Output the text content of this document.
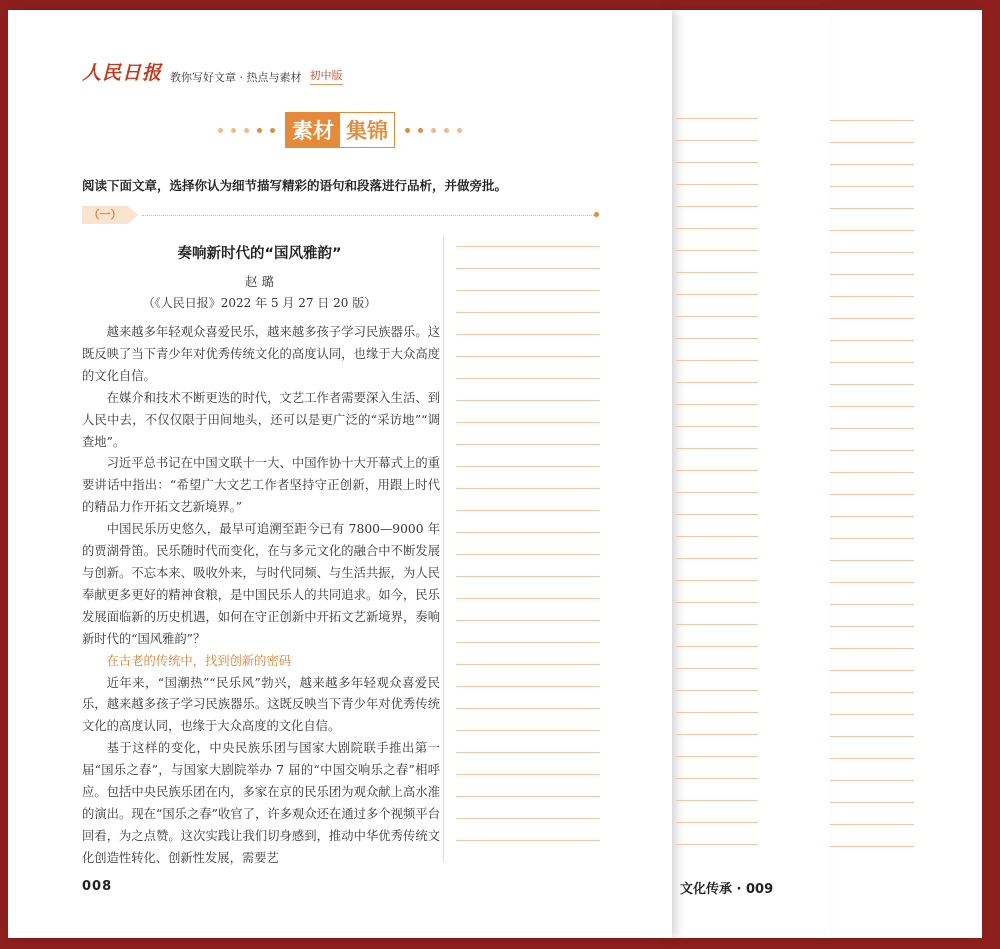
文化传承 · 009
人民日报 教你写好文章 · 热点与素材 初中版
素材 集锦
阅读下面文章，选择你认为细节描写精彩的语句和段落进行品析，并做旁批。
（一）
奏响新时代的“国风雅韵”
赵 璐
（《人民日报》2022 年 5 月 27 日 20 版）

越来越多年轻观众喜爱民乐，越来越多孩子学习民族器乐。这既反映了当下青少年对优秀传统文化的高度认同，也缘于大众高度的文化自信。

在媒介和技术不断更迭的时代，文艺工作者需要深入生活、到人民中去，不仅仅限于田间地头，还可以是更广泛的“采访地”“调查地”。

习近平总书记在中国文联十一大、中国作协十大开幕式上的重要讲话中指出：“希望广大文艺工作者坚持守正创新，用跟上时代的精品力作开拓文艺新境界。”

中国民乐历史悠久，最早可追溯至距今已有 7800—9000 年的贾湖骨笛。民乐随时代而变化，在与多元文化的融合中不断发展与创新。不忘本来、吸收外来，与时代同频、与生活共振，为人民奉献更多更好的精神食粮，是中国民乐人的共同追求。如今，民乐发展面临新的历史机遇，如何在守正创新中开拓文艺新境界，奏响新时代的“国风雅韵”？

在古老的传统中，找到创新的密码

近年来，“国潮热”“民乐风”勃兴，越来越多年轻观众喜爱民乐，越来越多孩子学习民族器乐。这既反映当下青少年对优秀传统文化的高度认同，也缘于大众高度的文化自信。

基于这样的变化，中央民族乐团与国家大剧院联手推出第一届“国乐之春”，与国家大剧院举办 7 届的“中国交响乐之春”相呼应。包括中央民族乐团在内，多家在京的民乐团为观众献上高水准的演出。现在“国乐之春”收官了，许多观众还在通过多个视频平台回看，为之点赞。这次实践让我们切身感到，推动中华优秀传统文化创造性转化、创新性发展，需要艺

008
